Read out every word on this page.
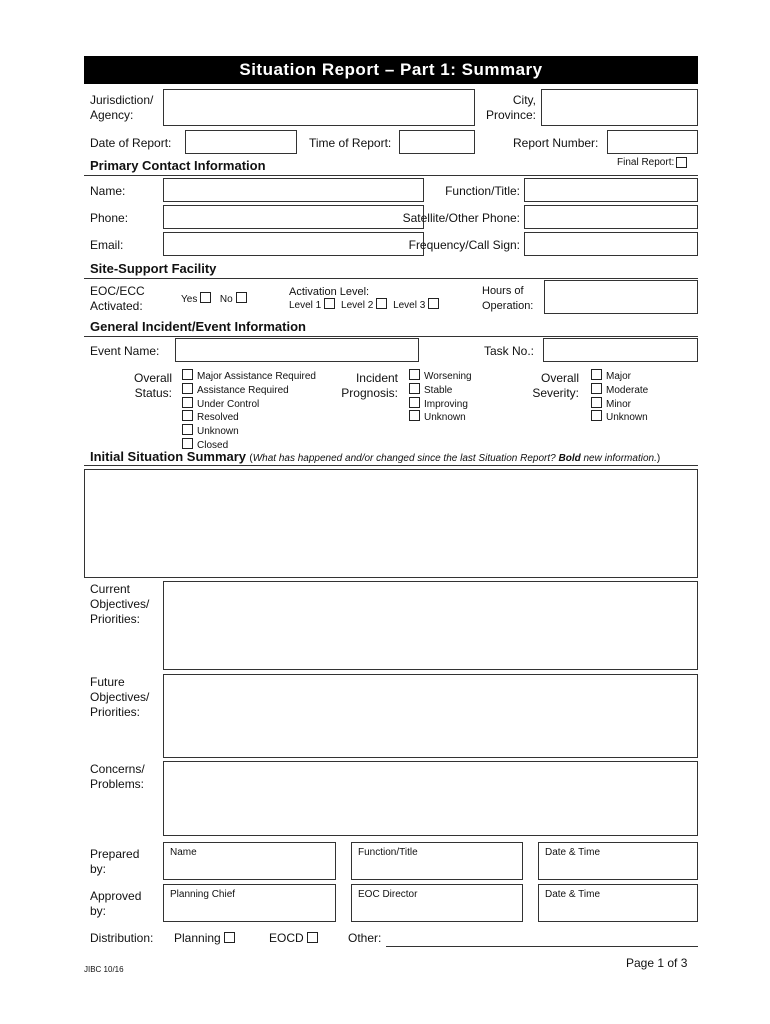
Situation Report – Part 1: Summary
Jurisdiction/
Agency:
City,
Province:
Date of Report:	Time of Report:	Report Number:
Primary Contact Information	Final Report:
Name:	Function/Title:
Phone:	Satellite/Other Phone:
Email:	Frequency/Call Sign:
Site-Support Facility
EOC/ECC
Activated:	Yes No
Activation Level:
Level 1 Level 2 Level 3
Hours of
Operation:
General Incident/Event Information
Event Name:	Task No.:
Overall
Status:
Major Assistance Required
Assistance Required
Under Control
Resolved
Unknown
Closed
Incident
Prognosis:
Worsening
Stable
Improving
Unknown
Overall
Severity:
Major
Moderate
Minor
Unknown
Initial Situation Summary (What has happened and/or changed since the last Situation Report? Bold new information.)
Current
Objectives/
Priorities:
Future
Objectives/
Priorities:
Concerns/
Problems:
Prepared
by:
Name	Function/Title	Date & Time
Approved
by:
Planning Chief	EOC Director	Date & Time
Distribution: Planning	EOCD	Other:
JIBC 10/16	Page 1 of 3
